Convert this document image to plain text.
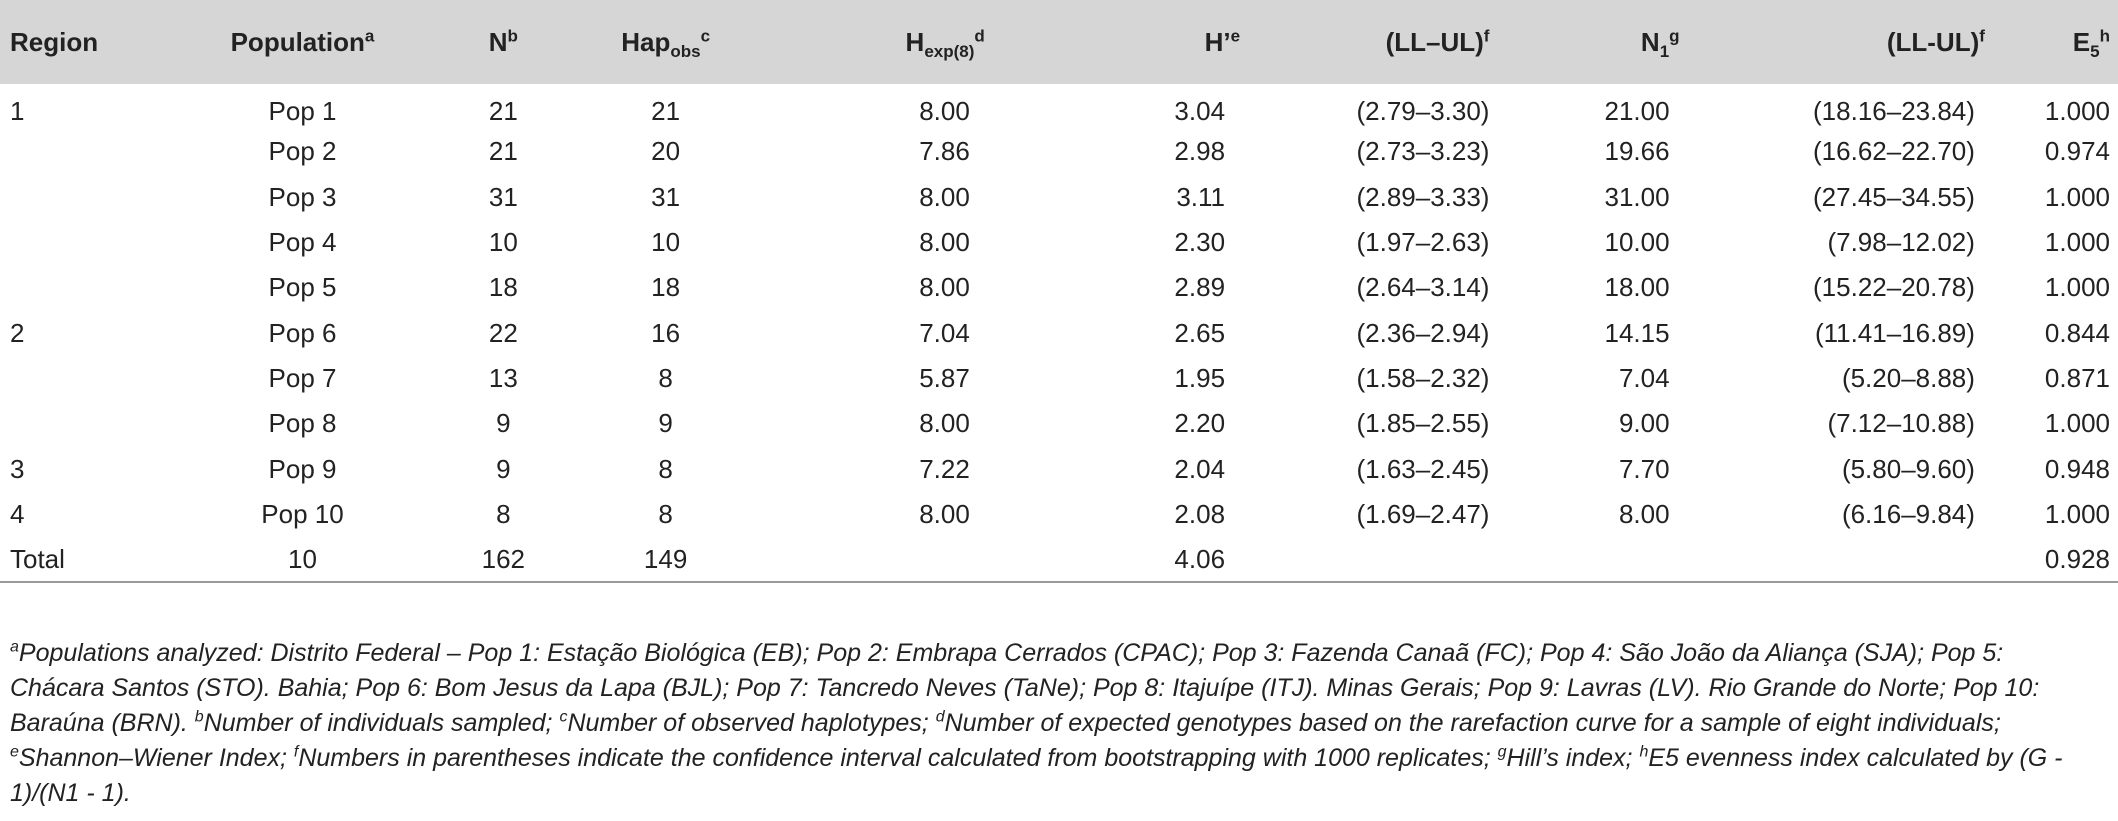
Region	Population$^a$	$N^b$	Hap$_{obs}^c$	$H_{exp(8)}^d$	H’$^e$	$(LL-UL)^f$	$N_1^g$	$(LL-UL)^f$	$E_5^h$
1	Pop 1	21	21	8.00	3.04	(2.79–3.30)	21.00	(18.16–23.84)	1.000
	Pop 2	21	20	7.86	2.98	(2.73–3.23)	19.66	(16.62–22.70)	0.974
	Pop 3	31	31	8.00	3.11	(2.89–3.33)	31.00	(27.45–34.55)	1.000
	Pop 4	10	10	8.00	2.30	(1.97–2.63)	10.00	(7.98–12.02)	1.000
	Pop 5	18	18	8.00	2.89	(2.64–3.14)	18.00	(15.22–20.78)	1.000
2	Pop 6	22	16	7.04	2.65	(2.36–2.94)	14.15	(11.41–16.89)	0.844
	Pop 7	13	8	5.87	1.95	(1.58–2.32)	7.04	(5.20–8.88)	0.871
	Pop 8	9	9	8.00	2.20	(1.85–2.55)	9.00	(7.12–10.88)	1.000
3	Pop 9	9	8	7.22	2.04	(1.63–2.45)	7.70	(5.80–9.60)	0.948
4	Pop 10	8	8	8.00	2.08	(1.69–2.47)	8.00	(6.16–9.84)	1.000
Total	10	162	149		4.06				0.928
$^a$Populations analyzed: Distrito Federal – Pop 1: Estação Biológica (EB); Pop 2: Embrapa Cerrados (CPAC); Pop 3: Fazenda Canaã (FC); Pop 4: São João da Aliança (SJA); Pop 5: Chácara Santos (STO). Bahia; Pop 6: Bom Jesus da Lapa (BJL); Pop 7: Tancredo Neves (TaNe); Pop 8: Itajuípe (ITJ). Minas Gerais; Pop 9: Lavras (LV). Rio Grande do Norte; Pop 10: Baraúna (BRN). $^b$Number of individuals sampled; $^c$Number of observed haplotypes; $^d$Number of expected genotypes based on the rarefaction curve for a sample of eight individuals; $^e$Shannon–Wiener Index; $^f$Numbers in parentheses indicate the confidence interval calculated from bootstrapping with 1000 replicates; $^g$Hill’s index; $^h$E5 evenness index calculated by (G - 1)/(N1 - 1).
